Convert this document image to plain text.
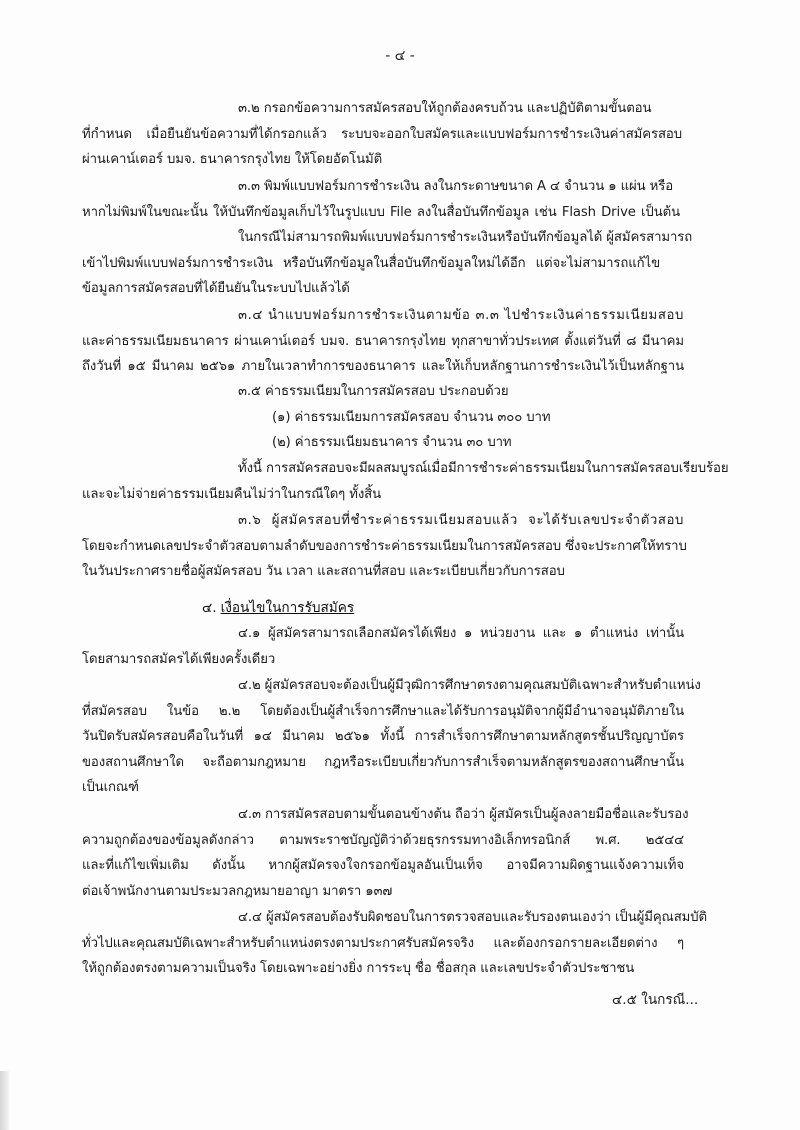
- ๔ -
๓.๒ กรอกข้อความการสมัครสอบให้ถูกต้องครบถ้วน และปฏิบัติตามขั้นตอน
ที่กำหนด เมื่อยืนยันข้อความที่ได้กรอกแล้ว ระบบจะออกใบสมัครและแบบฟอร์มการชำระเงินค่าสมัครสอบ
ผ่านเคาน์เตอร์ บมจ. ธนาคารกรุงไทย ให้โดยอัตโนมัติ
๓.๓ พิมพ์แบบฟอร์มการชำระเงิน ลงในกระดาษขนาด A ๔ จำนวน ๑ แผ่น หรือ
หากไม่พิมพ์ในขณะนั้น ให้บันทึกข้อมูลเก็บไว้ในรูปแบบ File ลงในสื่อบันทึกข้อมูล เช่น Flash Drive เป็นต้น
ในกรณีไม่สามารถพิมพ์แบบฟอร์มการชำระเงินหรือบันทึกข้อมูลได้ ผู้สมัครสามารถ
เข้าไปพิมพ์แบบฟอร์มการชำระเงิน หรือบันทึกข้อมูลในสื่อบันทึกข้อมูลใหม่ได้อีก แต่จะไม่สามารถแก้ไข
ข้อมูลการสมัครสอบที่ได้ยืนยันในระบบไปแล้วได้
๓.๔ นำแบบฟอร์มการชำระเงินตามข้อ ๓.๓ ไปชำระเงินค่าธรรมเนียมสอบ
และค่าธรรมเนียมธนาคาร ผ่านเคาน์เตอร์ บมจ. ธนาคารกรุงไทย ทุกสาขาทั่วประเทศ ตั้งแต่วันที่ ๘ มีนาคม
ถึงวันที่ ๑๕ มีนาคม ๒๕๖๑ ภายในเวลาทำการของธนาคาร และให้เก็บหลักฐานการชำระเงินไว้เป็นหลักฐาน
๓.๕ ค่าธรรมเนียมในการสมัครสอบ ประกอบด้วย
(๑) ค่าธรรมเนียมการสมัครสอบ จำนวน ๓๐๐ บาท
(๒) ค่าธรรมเนียมธนาคาร จำนวน ๓๐ บาท
ทั้งนี้ การสมัครสอบจะมีผลสมบูรณ์เมื่อมีการชำระค่าธรรมเนียมในการสมัครสอบเรียบร้อย
และจะไม่จ่ายค่าธรรมเนียมคืนไม่ว่าในกรณีใดๆ ทั้งสิ้น
๓.๖ ผู้สมัครสอบที่ชำระค่าธรรมเนียมสอบแล้ว จะได้รับเลขประจำตัวสอบ
โดยจะกำหนดเลขประจำตัวสอบตามลำดับของการชำระค่าธรรมเนียมในการสมัครสอบ ซึ่งจะประกาศให้ทราบ
ในวันประกาศรายชื่อผู้สมัครสอบ วัน เวลา และสถานที่สอบ และระเบียบเกี่ยวกับการสอบ
๔. เงื่อนไขในการรับสมัคร
๔.๑ ผู้สมัครสามารถเลือกสมัครได้เพียง ๑ หน่วยงาน และ ๑ ตำแหน่ง เท่านั้น
โดยสามารถสมัครได้เพียงครั้งเดียว
๔.๒ ผู้สมัครสอบจะต้องเป็นผู้มีวุฒิการศึกษาตรงตามคุณสมบัติเฉพาะสำหรับตำแหน่ง
ที่สมัครสอบ ในข้อ ๒.๒ โดยต้องเป็นผู้สำเร็จการศึกษาและได้รับการอนุมัติจากผู้มีอำนาจอนุมัติภายใน
วันปิดรับสมัครสอบคือในวันที่ ๑๔ มีนาคม ๒๕๖๑ ทั้งนี้ การสำเร็จการศึกษาตามหลักสูตรชั้นปริญญาบัตร
ของสถานศึกษาใด จะถือตามกฎหมาย กฎหรือระเบียบเกี่ยวกับการสำเร็จตามหลักสูตรของสถานศึกษานั้น
เป็นเกณฑ์
๔.๓ การสมัครสอบตามขั้นตอนข้างต้น ถือว่า ผู้สมัครเป็นผู้ลงลายมือชื่อและรับรอง
ความถูกต้องของข้อมูลดังกล่าว ตามพระราชบัญญัติว่าด้วยธุรกรรมทางอิเล็กทรอนิกส์ พ.ศ. ๒๕๔๔
และที่แก้ไขเพิ่มเติม ดังนั้น หากผู้สมัครจงใจกรอกข้อมูลอันเป็นเท็จ อาจมีความผิดฐานแจ้งความเท็จ
ต่อเจ้าพนักงานตามประมวลกฎหมายอาญา มาตรา ๑๓๗
๔.๔ ผู้สมัครสอบต้องรับผิดชอบในการตรวจสอบและรับรองตนเองว่า เป็นผู้มีคุณสมบัติ
ทั่วไปและคุณสมบัติเฉพาะสำหรับตำแหน่งตรงตามประกาศรับสมัครจริง และต้องกรอกรายละเอียดต่าง ๆ
ให้ถูกต้องตรงตามความเป็นจริง โดยเฉพาะอย่างยิ่ง การระบุ ชื่อ ชื่อสกุล และเลขประจำตัวประชาชน
๔.๕ ในกรณี...
